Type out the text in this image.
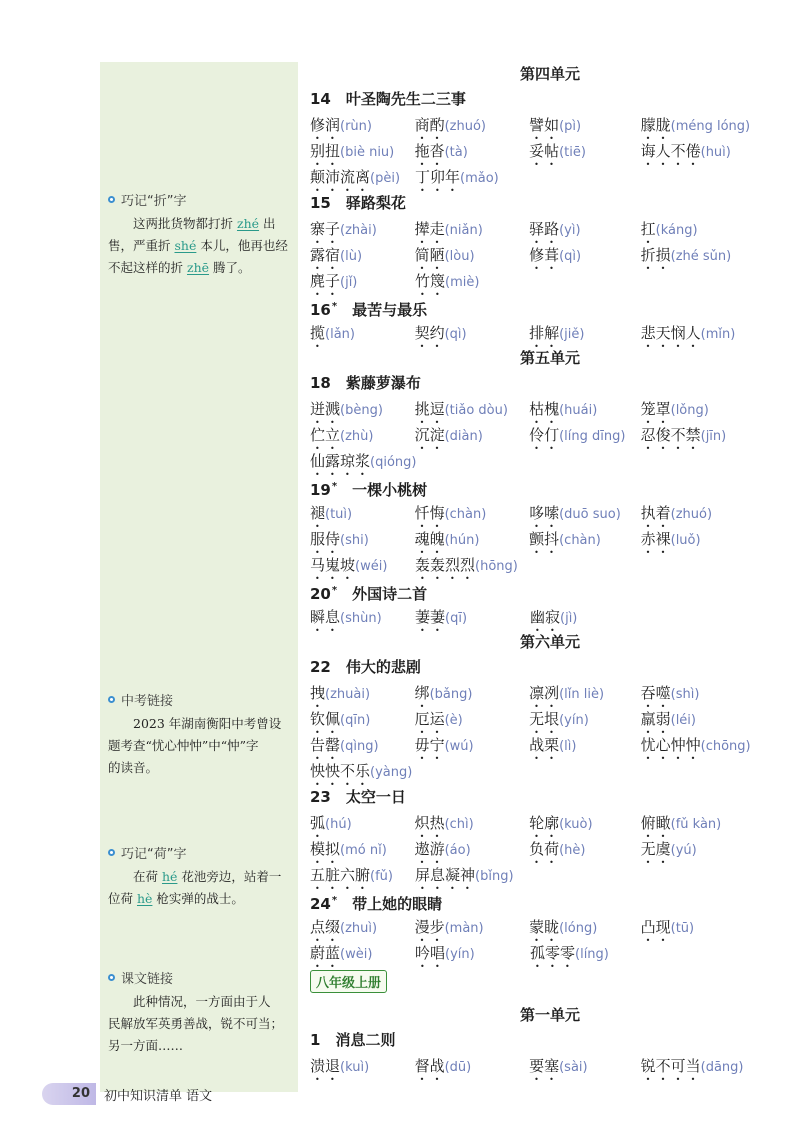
巧记“折”字

这两批货物都打折 zhé 出

售，严重折 shé 本儿，他再也经

不起这样的折 zhē 腾了。

中考链接

2023 年湖南衡阳中考曾设

题考查“忧心忡忡”中“忡”字

的读音。

巧记“荷”字

在荷 hé 花池旁边，站着一

位荷 hè 枪实弹的战士。

课文链接

此种情况，一方面由于人

民解放军英勇善战，锐不可当；

另一方面……

第四单元
14　叶圣陶先生二三事
修润(rùn)	商酌(zhuó)	譬如(pì)	朦胧(méng lóng)
别扭(biè niu)	拖沓(tà)	妥帖(tiē)	诲人不倦(huì)
颠沛流离(pèi) 丁卯年(mǎo)
15　驿路梨花
寨子(zhài)	撵走(niǎn)	驿路(yì)	扛(káng)
露宿(lù)	简陋(lòu)	修葺(qì)	折损(zhé sǔn)
麂子(jǐ)	竹篾(miè)
16*　最苦与最乐
揽(lǎn)	契约(qì)	排解(jiě)	悲天悯人(mǐn)
第五单元
18　紫藤萝瀑布
迸溅(bèng)	挑逗(tiǎo dòu)	枯槐(huái)	笼罩(lǒng)
伫立(zhù)	沉淀(diàn)	伶仃(líng dīng)	忍俊不禁(jīn)
仙露琼浆(qióng)
19*　一棵小桃树
褪(tuì)	忏悔(chàn)	哆嗦(duō suo)	执着(zhuó)
服侍(shi)	魂魄(hún)	颤抖(chàn)	赤裸(luǒ)
马嵬坡(wéi)	轰轰烈烈(hōng)
20*　外国诗二首
瞬息(shùn)	萋萋(qī)	幽寂(jì)
第六单元
22　伟大的悲剧
拽(zhuài)	绑(bǎng)	凛冽(lǐn liè)	吞噬(shì)
钦佩(qīn)	厄运(è)	无垠(yín)	羸弱(léi)
告罄(qìng)	毋宁(wú)	战栗(lì)	忧心忡忡(chōng)
怏怏不乐(yàng)
23　太空一日
弧(hú)	炽热(chì)	轮廓(kuò)	俯瞰(fǔ kàn)
模拟(mó nǐ)	遨游(áo)	负荷(hè)	无虞(yú)
五脏六腑(fǔ)	屏息凝神(bǐng)
24*　带上她的眼睛
点缀(zhuì)	漫步(màn)	蒙眬(lóng)	凸现(tū)
蔚蓝(wèi)	吟唱(yín)	孤零零(líng)
八年级上册
第一单元
1　消息二则
溃退(kuì)	督战(dū)	要塞(sài)	锐不可当(dāng)
20	初中知识清单 语文
